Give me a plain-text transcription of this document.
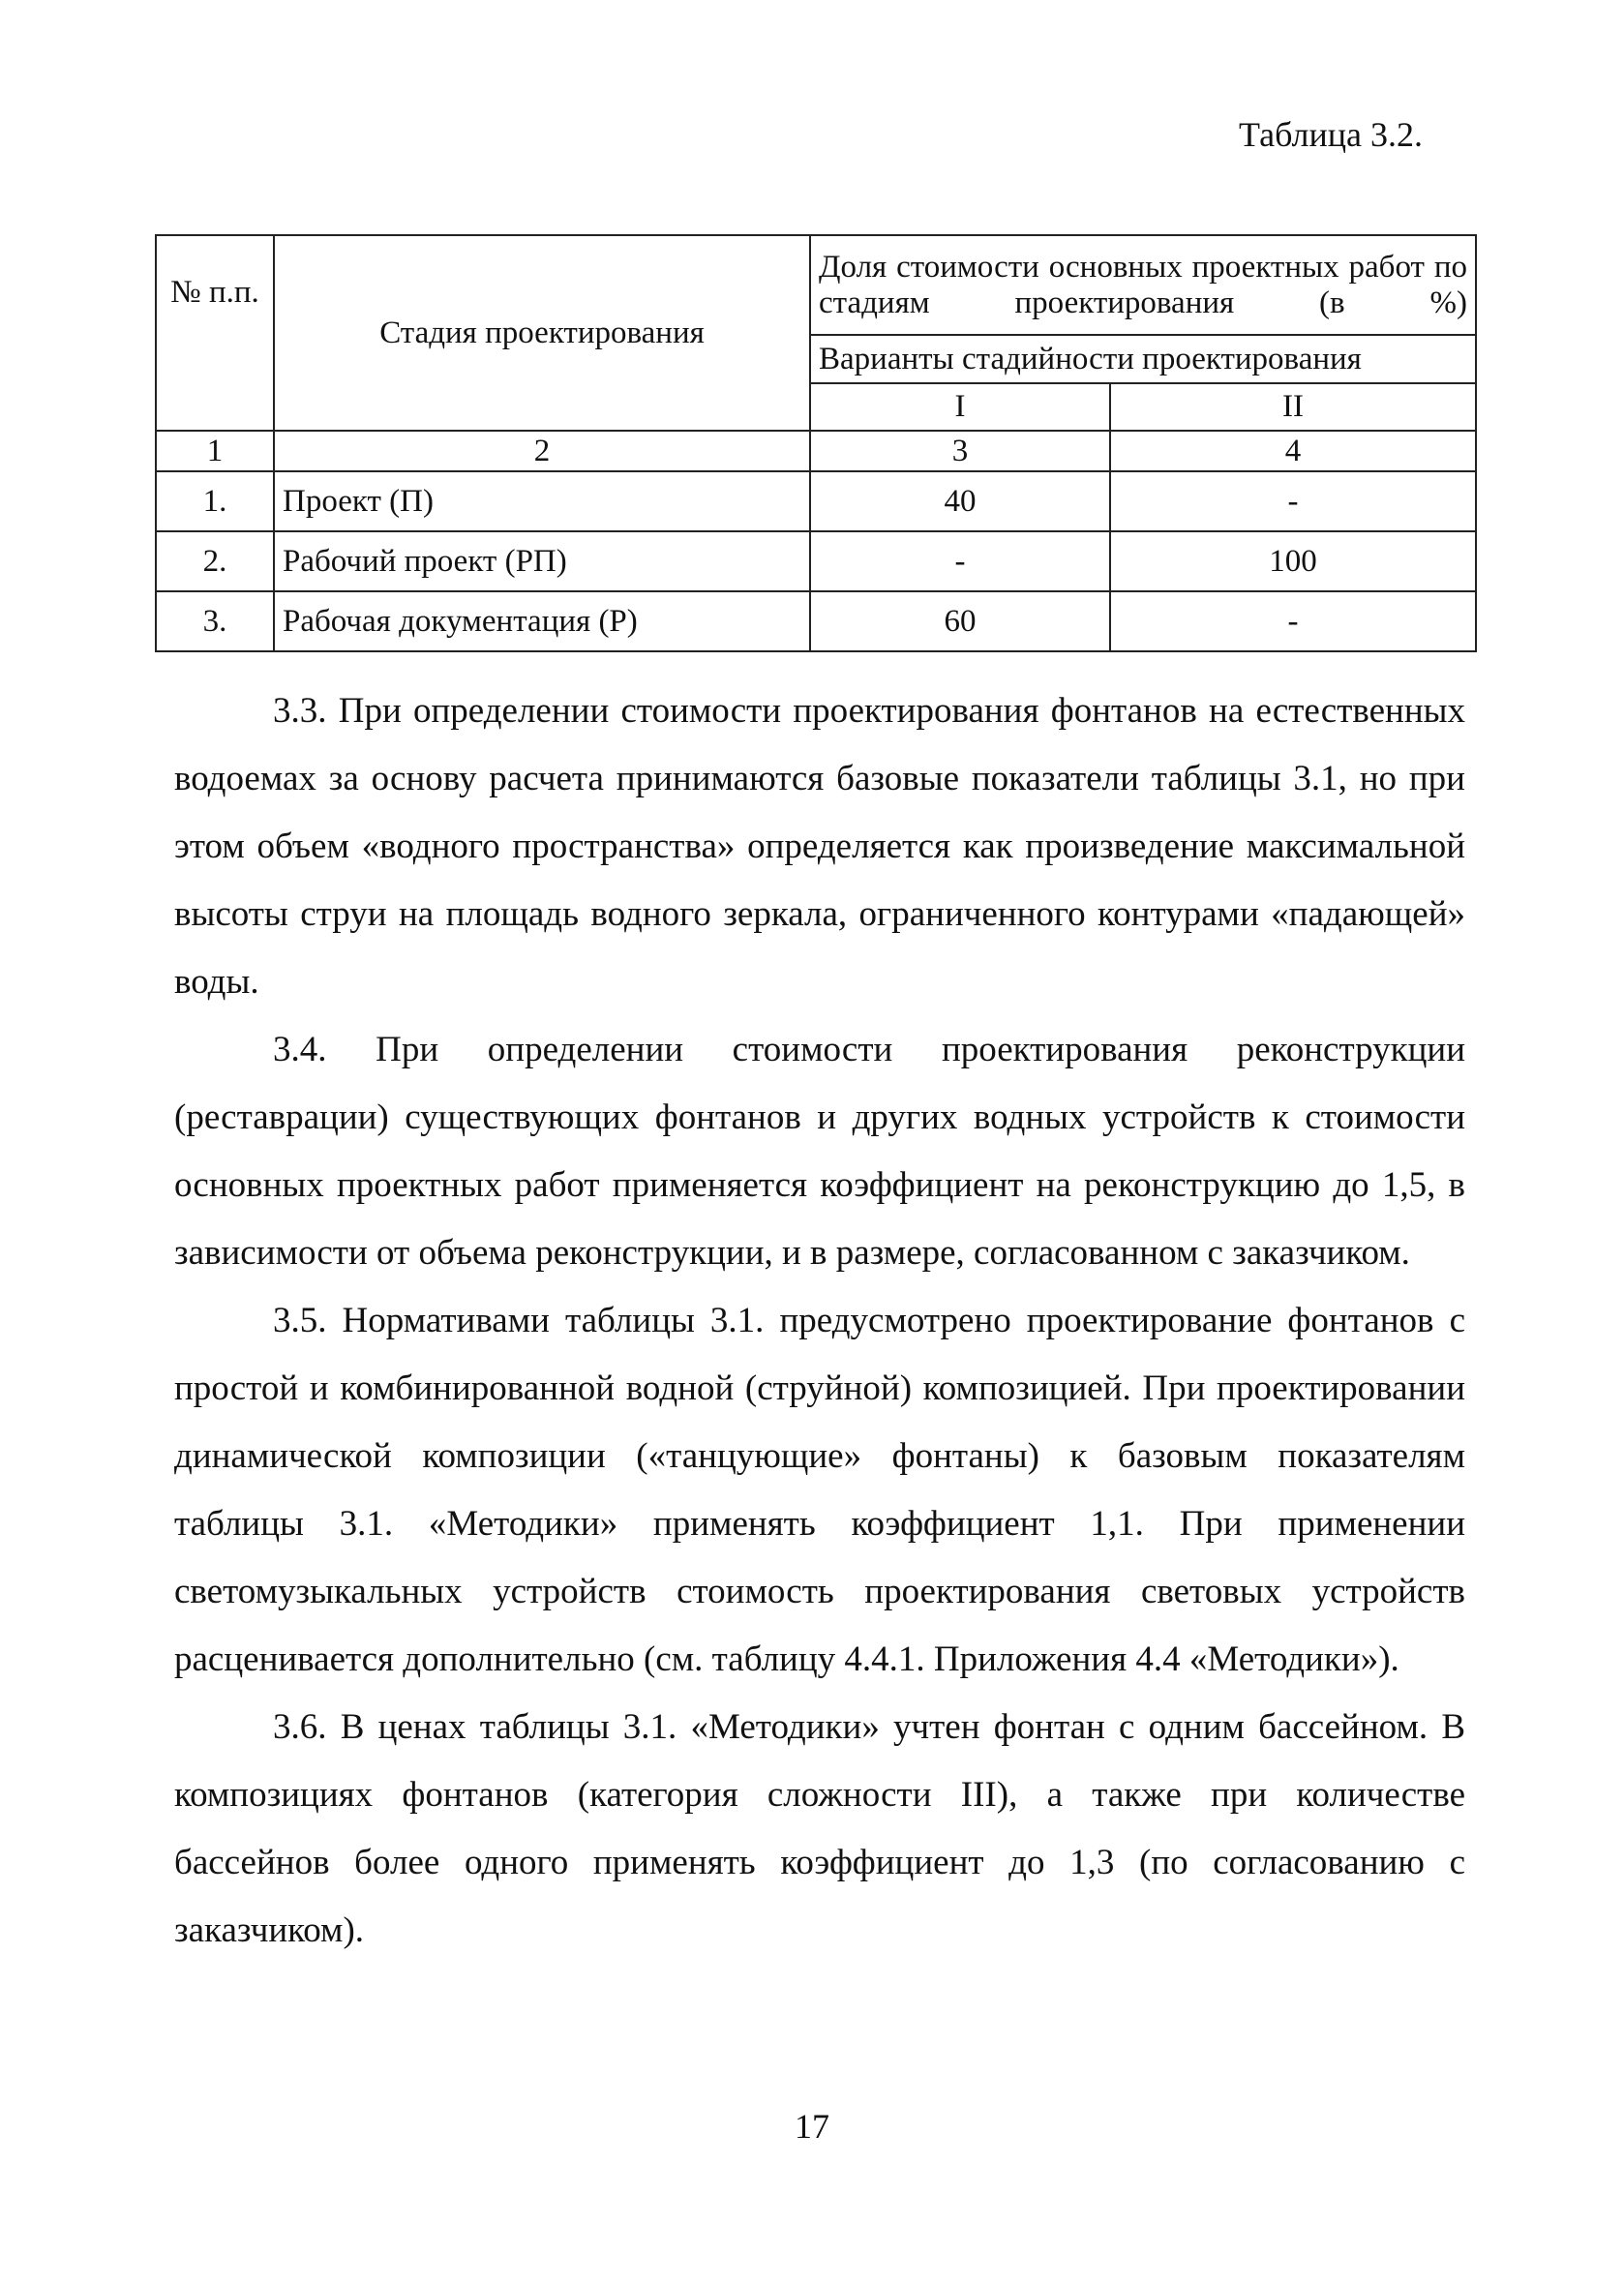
Таблица 3.2.
№ п.п.	Стадия проектирования	Доля стоимости основных проектных работ по стадиям проектирования (в %)	
		Варианты стадийности проектирования	
		I	II
1	2	3	4
1.	Проект (П)	40	-
2.	Рабочий проект (РП)	-	100
3.	Рабочая документация (Р)	60	-

3.3. При определении стоимости проектирования фонтанов на естественных водоемах за основу расчета принимаются базовые показатели таблицы 3.1, но при этом объем «водного пространства» определяется как произведение максимальной высоты струи на площадь водного зеркала, ограниченного контурами «падающей» воды.

3.4. При определении стоимости проектирования реконструкции (реставрации) существующих фонтанов и других водных устройств к стоимости основных проектных работ применяется коэффициент на реконструкцию до 1,5, в зависимости от объема реконструкции, и в размере, согласованном с заказчиком.

3.5. Нормативами таблицы 3.1. предусмотрено проектирование фонтанов с простой и комбинированной водной (струйной) композицией. При проектировании динамической композиции («танцующие» фонтаны) к базовым показателям таблицы 3.1. «Методики» применять коэффициент 1,1. При применении светомузыкальных устройств стоимость проектирования световых устройств расценивается дополнительно (см. таблицу 4.4.1. Приложения 4.4 «Методики»).

3.6. В ценах таблицы 3.1. «Методики» учтен фонтан с одним бассейном. В композициях фонтанов (категория сложности III), а также при количестве бассейнов более одного применять коэффициент до 1,3 (по согласованию с заказчиком).

17
